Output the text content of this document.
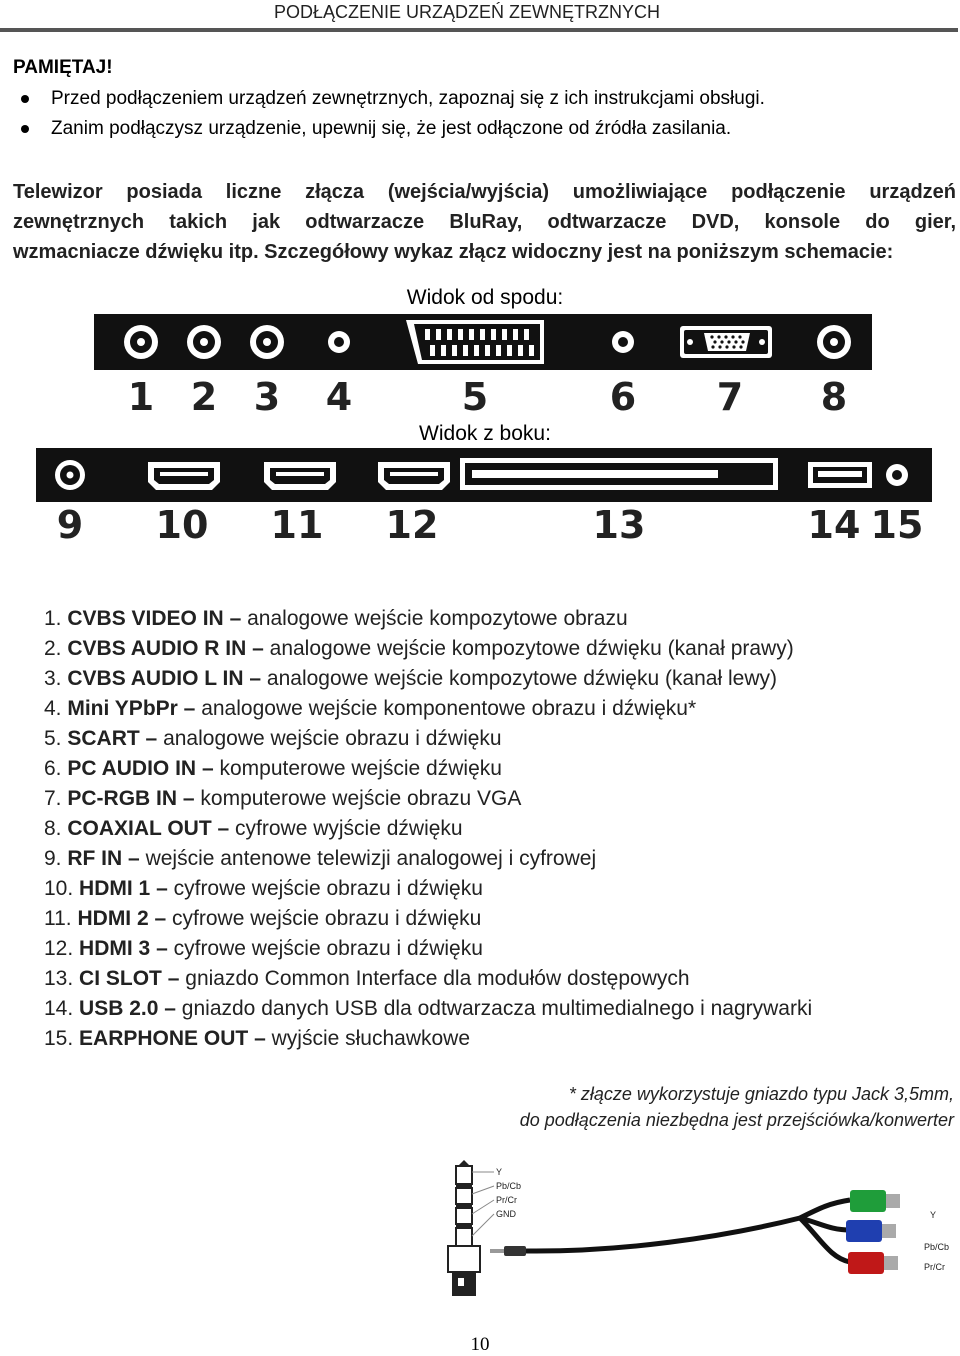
PODŁĄCZENIE URZĄDZEŃ ZEWNĘTRZNYCH
PAMIĘTAJ!
Przed podłączeniem urządzeń zewnętrznych, zapoznaj się z ich instrukcjami obsługi.
Zanim podłączysz urządzenie, upewnij się, że jest odłączone od źródła zasilania.
Telewizor posiada liczne złącza (wejścia/wyjścia) umożliwiające podłączenie urządzeń
zewnętrznych takich jak odtwarzacze BluRay, odtwarzacze DVD, konsole do gier,
wzmacniacze dźwięku itp. Szczegółowy wykaz złącz widoczny jest na poniższym schemacie:
Widok od spodu:
1 2 3 4	5	6 7 8
9 10 11 12	13	14 15
Widok z boku:
1. CVBS VIDEO IN – analogowe wejście kompozytowe obrazu
2. CVBS AUDIO R IN – analogowe wejście kompozytowe dźwięku (kanał prawy)
3. CVBS AUDIO L IN – analogowe wejście kompozytowe dźwięku (kanał lewy)
4. Mini YPbPr – analogowe wejście komponentowe obrazu i dźwięku*
5. SCART – analogowe wejście obrazu i dźwięku
6. PC AUDIO IN – komputerowe wejście dźwięku
7. PC-RGB IN – komputerowe wejście obrazu VGA
8. COAXIAL OUT – cyfrowe wyjście dźwięku
9. RF IN – wejście antenowe telewizji analogowej i cyfrowej
10. HDMI 1 – cyfrowe wejście obrazu i dźwięku
11. HDMI 2 – cyfrowe wejście obrazu i dźwięku
12. HDMI 3 – cyfrowe wejście obrazu i dźwięku
13. CI SLOT – gniazdo Common Interface dla modułów dostępowych
14. USB 2.0 – gniazdo danych USB dla odtwarzacza multimedialnego i nagrywarki
15. EARPHONE OUT – wyjście słuchawkowe
* złącze wykorzystuje gniazdo typu Jack 3,5mm,
do podłączenia niezbędna jest przejściówka/konwerter
Y
Pb/Cb
Pr/Cr
GND	Y
Pb/Cb
Pr/Cr
10
